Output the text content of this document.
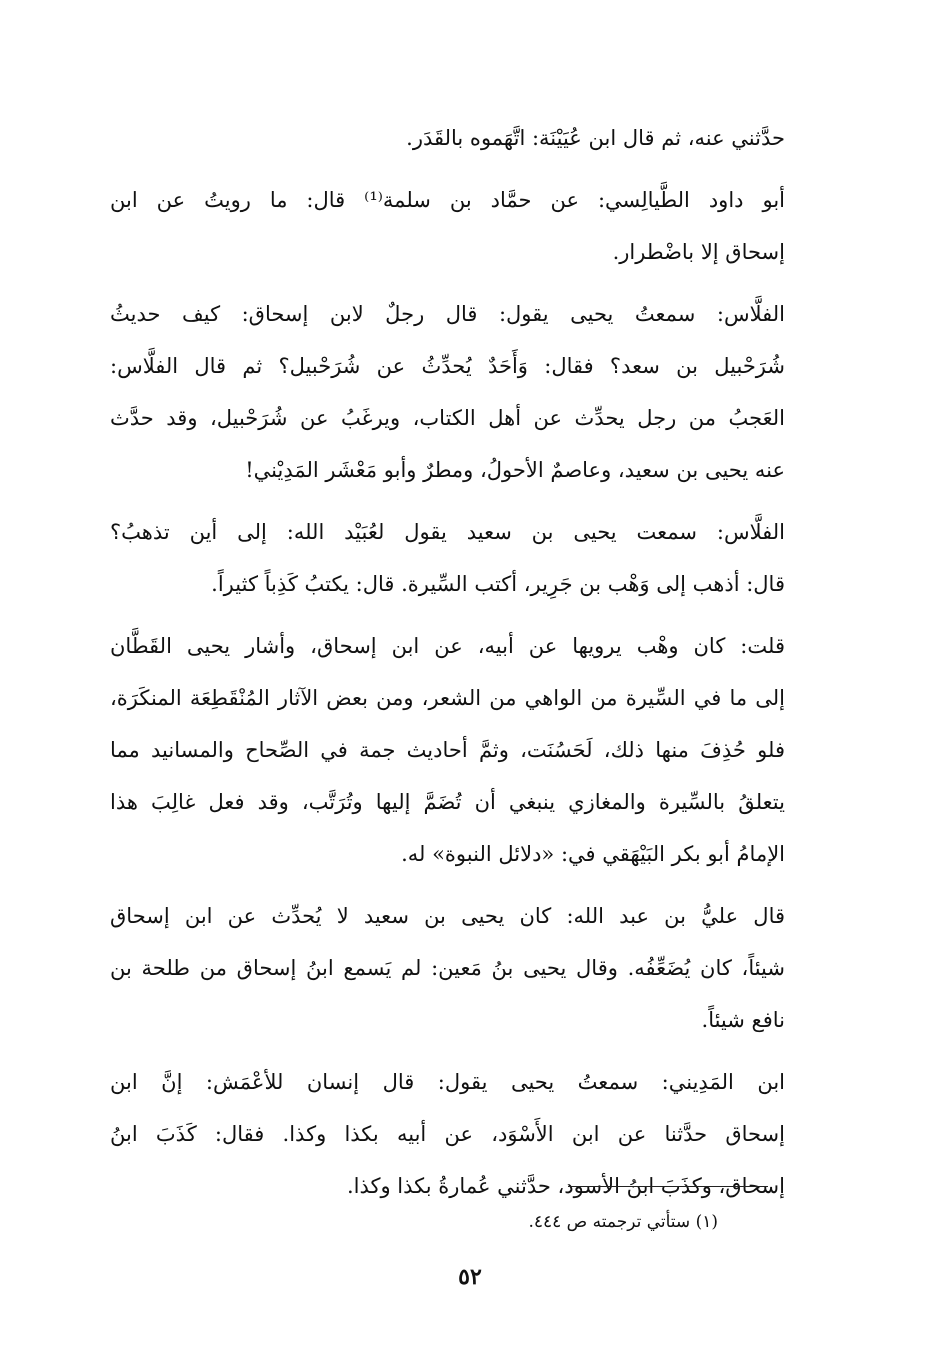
حدَّثني عنه، ثم قال ابن عُيَيْنَة: اتَّهَموه بالقَدَر.
أبو داود الطَّيالِسي: عن حمَّاد بن سلمة⁽¹⁾ قال: ما رويتُ عن ابن
إسحاق إلا باضْطرار.
الفلَّاس: سمعتُ يحيى يقول: قال رجلٌ لابن إسحاق: كيف حديثُ
شُرَحْبيل بن سعد؟ فقال: وَأَحَدٌ يُحدِّثُ عن شُرَحْبيل؟ ثم قال الفلَّاس:
العَجبُ من رجل يحدِّث عن أهل الكتاب، ويرغَبُ عن شُرَحْبيل، وقد حدَّث
عنه يحيى بن سعيد، وعاصمٌ الأحولُ، ومطرٌ وأبو مَعْشَر المَدِيْني!
الفلَّاس: سمعت يحيى بن سعيد يقول لعُبَيْد الله: إلى أين تذهبُ؟
قال: أذهب إلى وَهْب بن جَرِير، أكتب السِّيرة. قال: يكتبُ كَذِباً كثيراً.
قلت: كان وهْب يرويها عن أبيه، عن ابن إسحاق، وأشار يحيى القَطَّان
إلى ما في السِّيرة من الواهي من الشعر، ومن بعض الآثار المُنْقَطِعَة المنكَرَة،
فلو حُذِفَ منها ذلك، لَحَسُنَت، وثمَّ أحاديث جمة في الصِّحاح والمسانيد مما
يتعلقُ بالسِّيرة والمغازي ينبغي أن تُضَمَّ إليها وتُرَتَّب، وقد فعل غالِبَ هذا
الإمامُ أبو بكر البَيْهَقي في: «دلائل النبوة» له.
قال عليُّ بن عبد الله: كان يحيى بن سعيد لا يُحدِّث عن ابن إسحاق
شيئاً، كان يُضَعِّفُه. وقال يحيى بنُ مَعين: لم يَسمع ابنُ إسحاق من طلحة بن
نافع شيئاً.
ابن المَدِيني: سمعتُ يحيى يقول: قال إنسان للأعْمَش: إنَّ ابن
إسحاق حدَّثنا عن ابن الأَسْوَد، عن أبيه بكذا وكذا. فقال: كَذَبَ ابنُ
إسحاق، وكذَبَ ابنُ الأسود، حدَّثني عُمارةُ بكذا وكذا.
(١) ستأتي ترجمته ص ٤٤٤.
٥٢
